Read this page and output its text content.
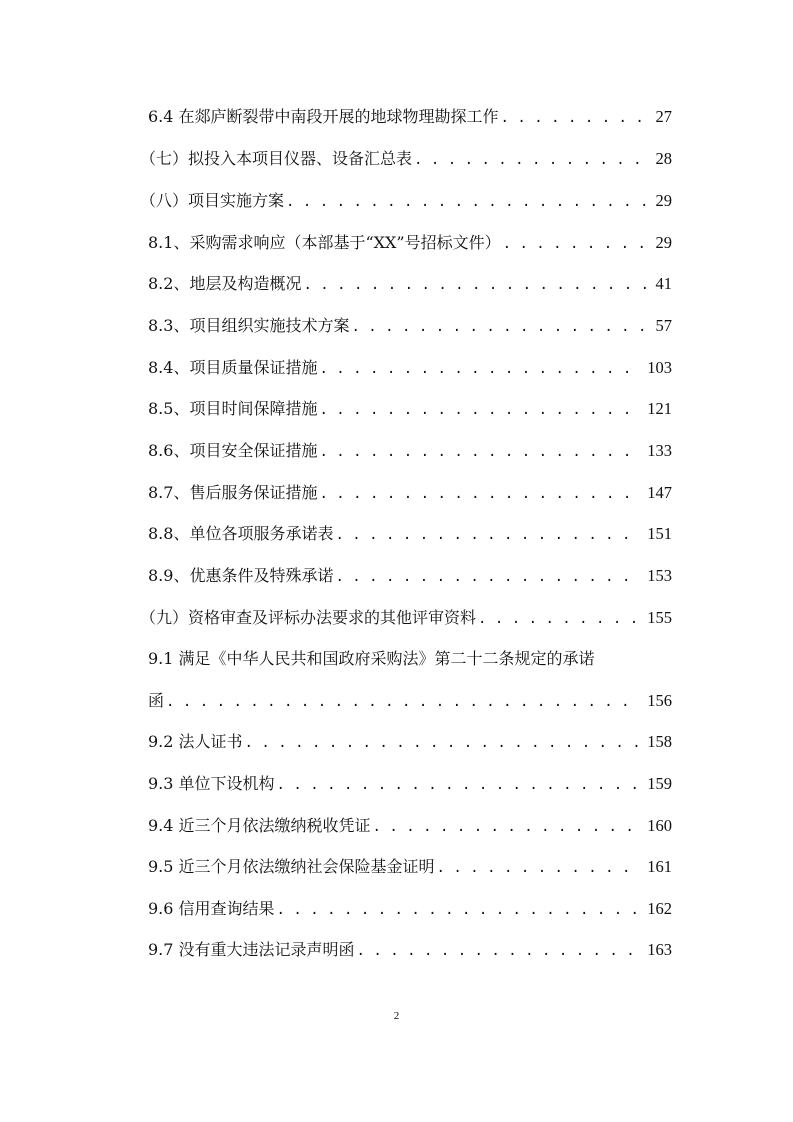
6.4 在郯庐断裂带中南段开展的地球物理勘探工作 . . .	27
（七）拟投入本项目仪器、设备汇总表 . . .	28
（八）项目实施方案 . . .	29
8.1、采购需求响应（本部基于“XX”号招标文件） . . .	29
8.2、地层及构造概况 . . .	41
8.3、项目组织实施技术方案 . . .	57
8.4、项目质量保证措施 . . .	103
8.5、项目时间保障措施 . . .	121
8.6、项目安全保证措施 . . .	133
8.7、售后服务保证措施 . . .	147
8.8、单位各项服务承诺表 . . .	151
8.9、优惠条件及特殊承诺 . . .	153
（九）资格审查及评标办法要求的其他评审资料 . . .	155
9.1 满足《中华人民共和国政府采购法》第二十二条规定的承诺
函 . . .	156
9.2 法人证书 . . .	158
9.3 单位下设机构 . . .	159
9.4 近三个月依法缴纳税收凭证 . . .	160
9.5 近三个月依法缴纳社会保险基金证明 . . .	161
9.6 信用查询结果 . . .	162
9.7 没有重大违法记录声明函 . . .	163
2
